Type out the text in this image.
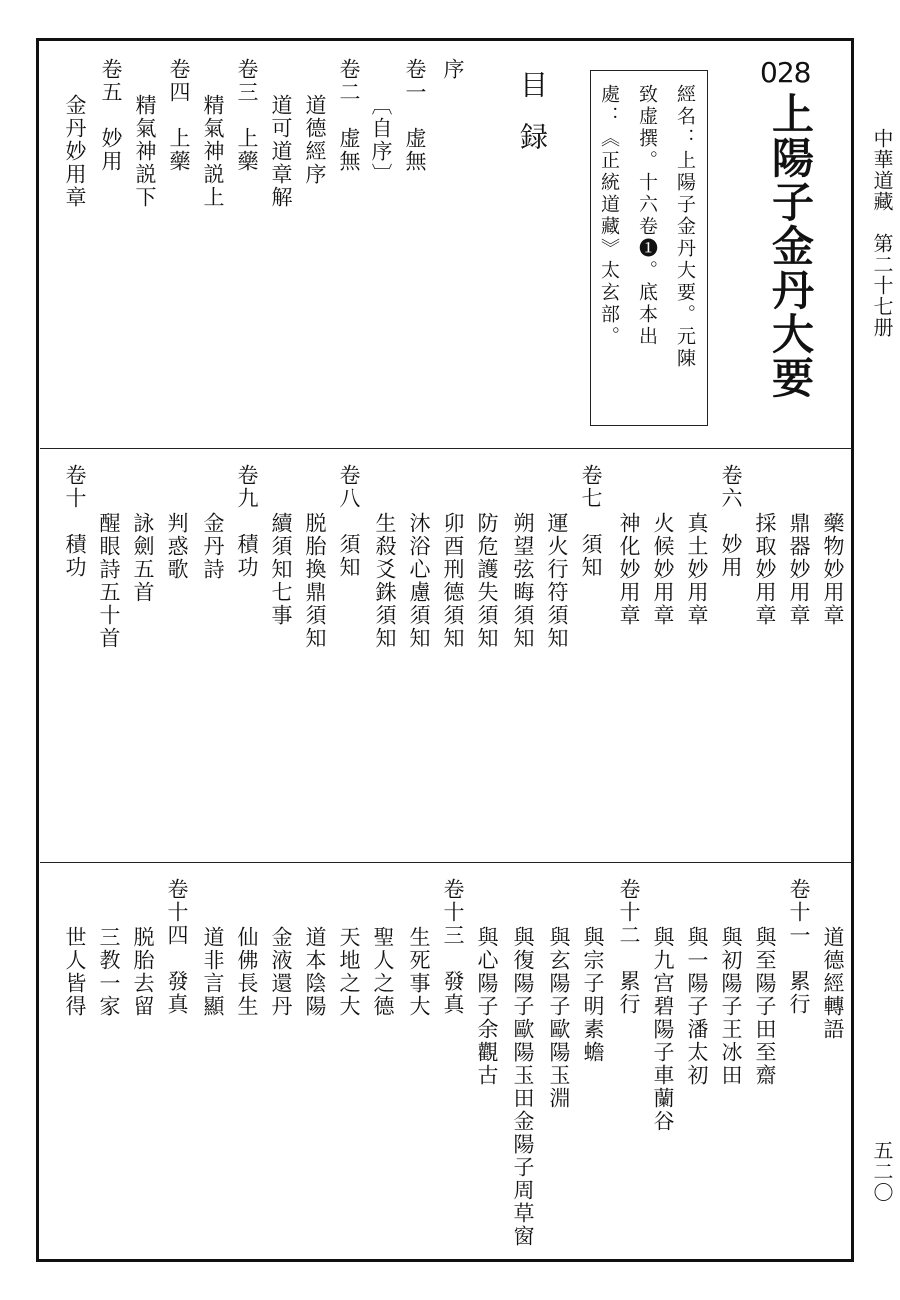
中華道藏　第二十七册
五二〇
028
上陽子金丹大要
經名：上陽子金丹大要。元陳
致虚撰。十六卷❶。底本出
處：《正統道藏》太玄部。
目録
序
卷一　虚無
〔自序〕
卷二　虚無
道德經序
道可道章解
卷三　上藥
精氣神説上
卷四　上藥
精氣神説下
卷五　妙用
金丹妙用章
藥物妙用章
鼎器妙用章
採取妙用章
卷六　妙用
真土妙用章
火候妙用章
神化妙用章
卷七　須知
運火行符須知
朔望弦晦須知
防危護失須知
卯酉刑德須知
沐浴心慮須知
生殺爻銖須知
卷八　須知
脱胎換鼎須知
續須知七事
卷九　積功
金丹詩
判惑歌
詠劍五首
醒眼詩五十首
卷十　積功
道德經轉語
卷十一　累行
與至陽子田至齋
與初陽子王冰田
與一陽子潘太初
與九宫碧陽子車蘭谷
卷十二　累行
與宗子明素蟾
與玄陽子歐陽玉淵
與復陽子歐陽玉田金陽子周草窗
與心陽子余觀古
卷十三　發真
生死事大
聖人之德
天地之大
道本陰陽
金液還丹
仙佛長生
道非言顯
卷十四　發真
脱胎去留
三教一家
世人皆得
